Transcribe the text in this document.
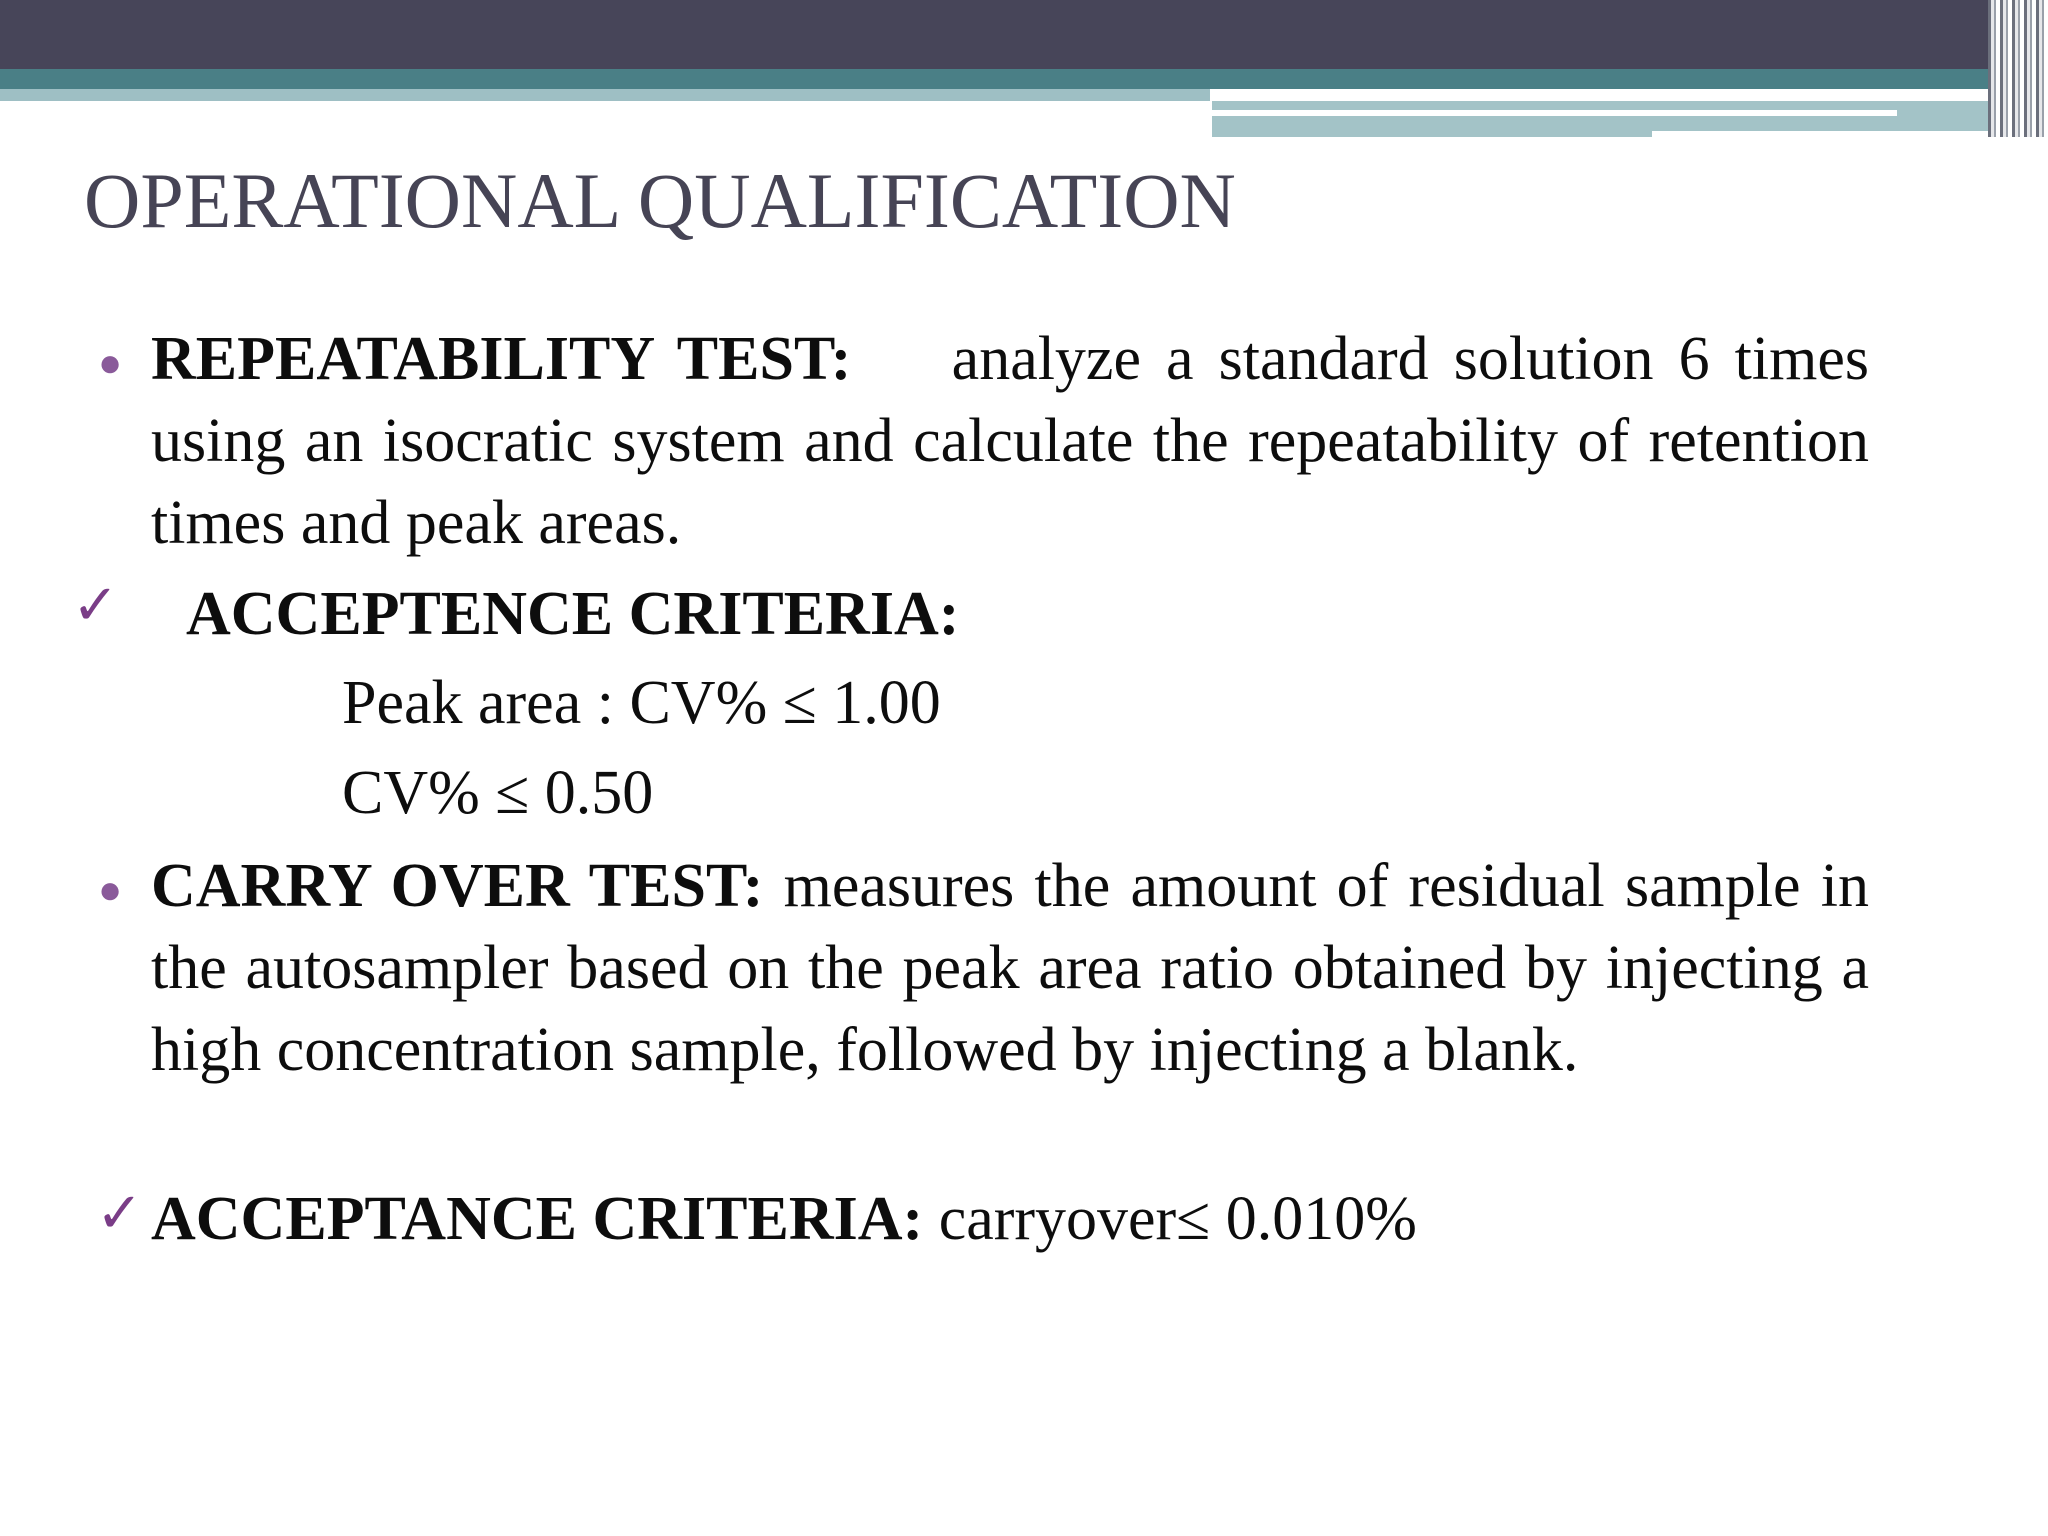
OPERATIONAL QUALIFICATION
● REPEATABILITY TEST: analyze a standard solution 6 times using an isocratic system and calculate the repeatability of retention times and peak areas.
✓ ACCEPTENCE CRITERIA:
Peak area : CV% ≤ 1.00
CV% ≤ 0.50
● CARRY OVER TEST: measures the amount of residual sample in the autosampler based on the peak area ratio obtained by injecting a high concentration sample, followed by injecting a blank.
✓ ACCEPTANCE CRITERIA: carryover≤ 0.010%
